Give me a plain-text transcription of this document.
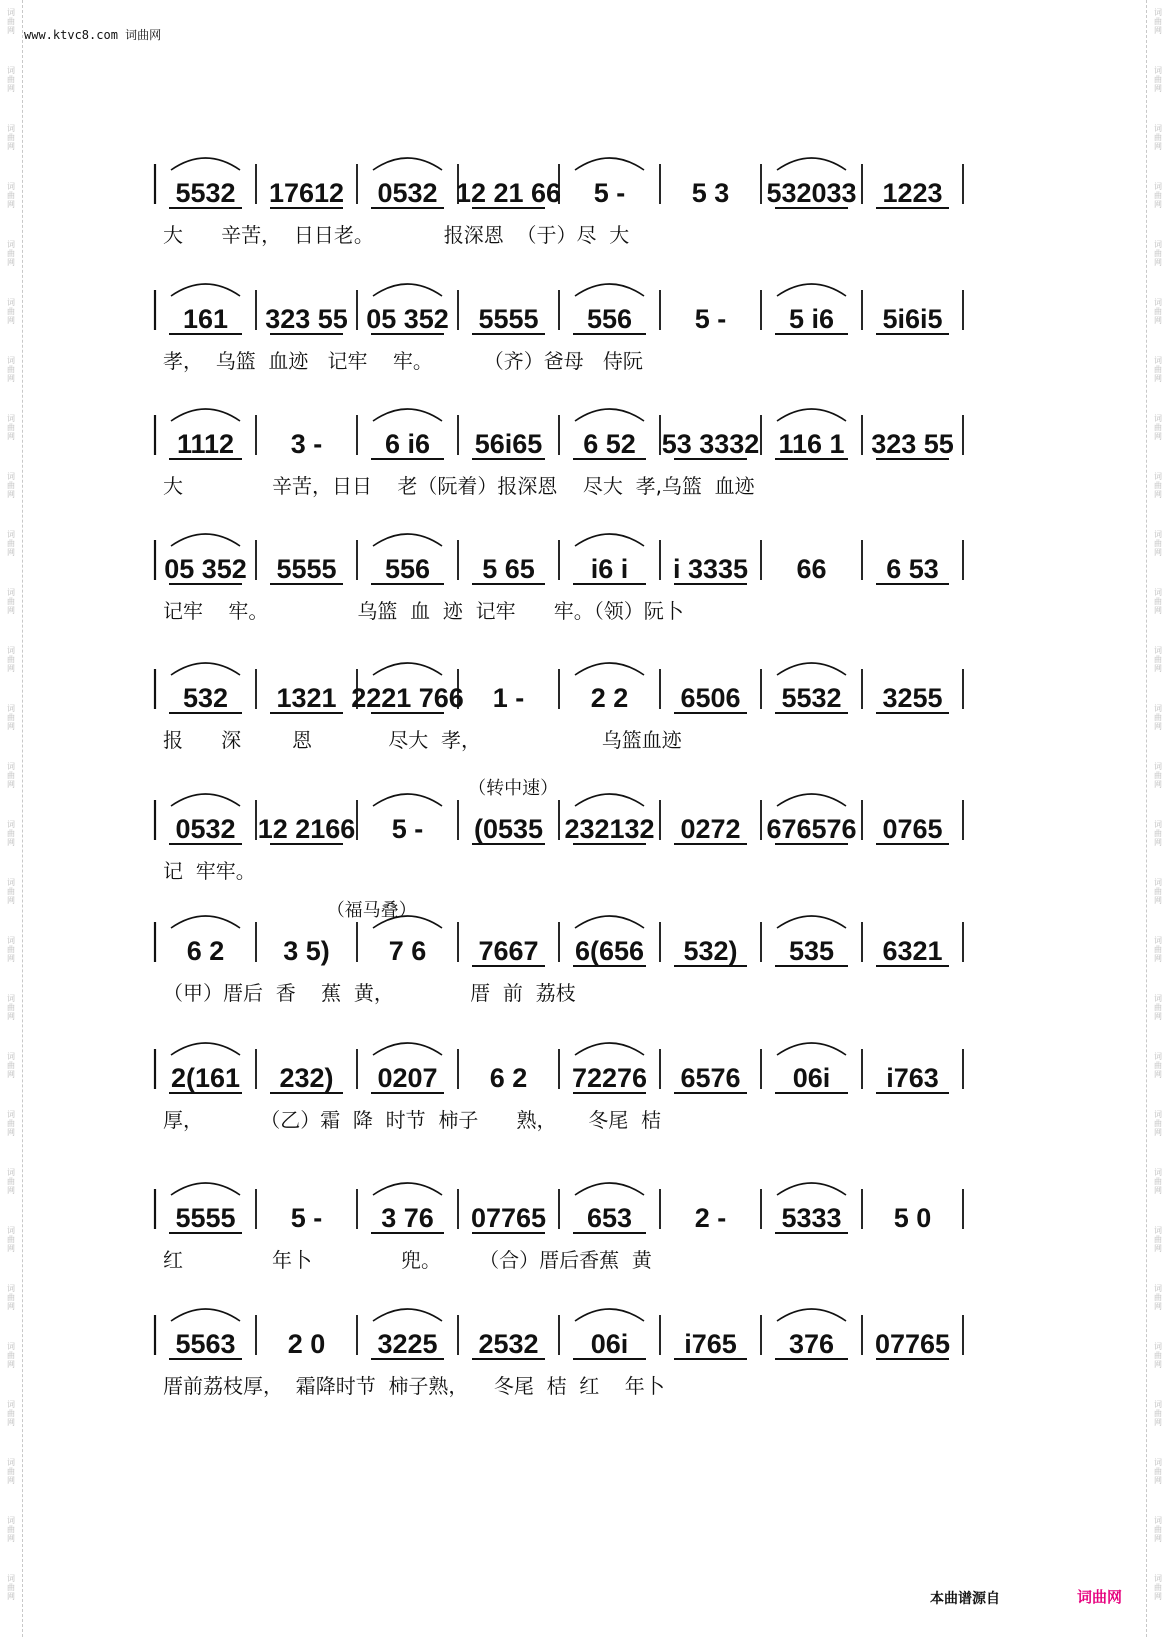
词
曲
网
词
曲
网
词
曲
网
词
曲
网
词
曲
网
词
曲
网
词
曲
网
词
曲
网
词
曲
网
词
曲
网
词
曲
网
词
曲
网
词
曲
网
词
曲
网
词
曲
网
词
曲
网
词
曲
网
词
曲
网
词
曲
网
词
曲
网
词
曲
网
词
曲
网
词
曲
网
词
曲
网
词
曲
网
词
曲
网
词
曲
网
词
曲
网
词
曲
网
词
曲
网
词
曲
网
词
曲
网
词
曲
网
词
曲
网
词
曲
网
词
曲
网
词
曲
网
词
曲
网
词
曲
网
词
曲
网
词
曲
网
词
曲
网
词
曲
网
词
曲
网
词
曲
网
词
曲
网
词
曲
网
词
曲
网
词
曲
网
词
曲
网
词
曲
网
词
曲
网
词
曲
网
词
曲
网
词
曲
网
词
曲
网
www.ktvc8.com 词曲网
5532 17612 0532 12 21 66 5 - 5 3 532033 1223
大      辛苦，  日日老。           报深恩  （于）尽  大
161 323 55 05 352 5555 556 5 - 5 i6 5i6i5
孝，  乌篮  血迹   记牢    牢。        （齐）爸母   侍阮
1112 3 - 6 i6 56i65 6 52 53 3332 116 1 323 55
大              辛苦，日日    老（阮着）报深恩    尽大  孝,乌篮  血迹
05 352 5555 556 5 65 i6 i i 3335 66 6 53
记牢    牢。              乌篮  血  迹  记牢      牢。（领）阮卜
532 1321 2221 766 1 - 2 2 6506 5532 3255
报      深        恩            尽大  孝，                   乌篮血迹
0532 12 2166 5 - (0535 232132 0272 676576 0765
（转中速）
记  牢牢。
6 2 3 5) 7 6 7667 6(656 532) 535 6321
（福马叠）
（甲）厝后  香    蕉  黄，            厝  前  荔枝
2(161 232) 0207 6 2 72276 6576 06i i763
厚，         （乙）霜  降  时节  柿子      熟，     冬尾  桔
5555 5 - 3 76 07765 653 2 - 5333 5 0
红              年卜              兜。      （合）厝后香蕉  黄
5563 2 0 3225 2532 06i i765 376 07765
厝前荔枝厚，  霜降时节  柿子熟，    冬尾  桔  红    年卜
本曲谱源自	词曲网
